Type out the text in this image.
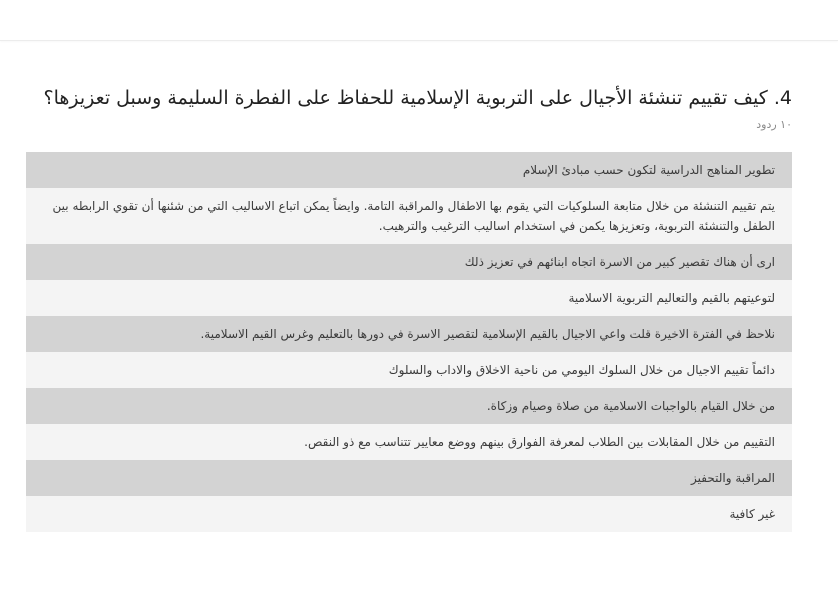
4. كيف تقييم تنشئة الأجيال على التربوية الإسلامية للحفاظ على الفطرة السليمة وسبل تعزيزها؟
١٠ ردود
تطوير المناهج الدراسية لتكون حسب مبادئ الإسلام
يتم تقييم التنشئة من خلال متابعة السلوكيات التي يقوم بها الاطفال والمراقبة التامة. وايضاً يمكن اتباع الاساليب التي من شئنها أن تقوي الرابطه بين الطفل والتنشئة التربوية، وتعزيزها يكمن في استخدام اساليب الترغيب والترهيب.
ارى أن هناك تقصير كبير من الاسرة اتجاه ابنائهم في تعزيز ذلك
لتوعيتهم بالقيم والتعاليم التربوية الاسلامية
نلاحظ في الفترة الاخيرة قلت واعي الاجيال بالقيم الإسلامية لتقصير الاسرة في دورها بالتعليم وغرس القيم الاسلامية.
دائماً تقييم الاجيال من خلال السلوك اليومي من ناحية الاخلاق والاداب والسلوك
من خلال القيام بالواجبات الاسلامية من صلاة وصيام وزكاة.
التقييم من خلال المقابلات بين الطلاب لمعرفة الفوارق بينهم ووضع معايير تتناسب مع ذو النقص.
المراقبة والتحفيز
غير كافية
